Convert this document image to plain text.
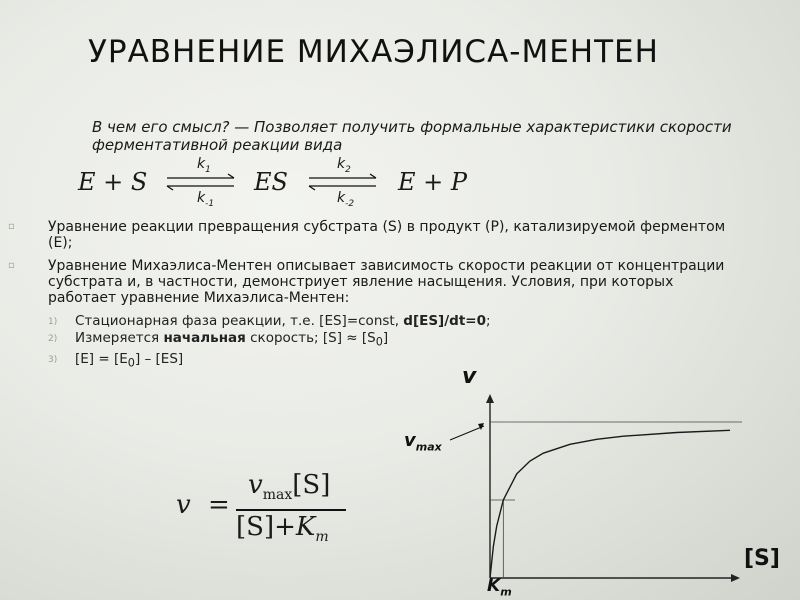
УРАВНЕНИЕ МИХАЭЛИСА-МЕНТЕН
В чем его смысл? — Позволяет получить формальные характеристики скорости ферментативной реакции вида
E + S
$k_1$
$k_{-1}$
ES
$k_2$
$k_{-2}$
E + P
▫ Уравнение реакции превращения субстрата (S) в продукт (P), катализируемой ферментом (E);
▫ Уравнение Михаэлиса-Ментен описывает зависимость скорости реакции от концентрации субстрата и, в частности, демонстриует явление насыщения. Условия, при которых работает уравнение Михаэлиса-Ментен:
1) Стационарная фаза реакции, т.е. [ES]=const, d[ES]/dt=0;
2) Измеряется начальная скорость; $[S] \approx [S_0]$
3) $[E] = [E_0] - [ES]$
v =
$v_{max}[S]$
$[S]+K_m$
v
$v_{max}$
[S]
$K_m$
